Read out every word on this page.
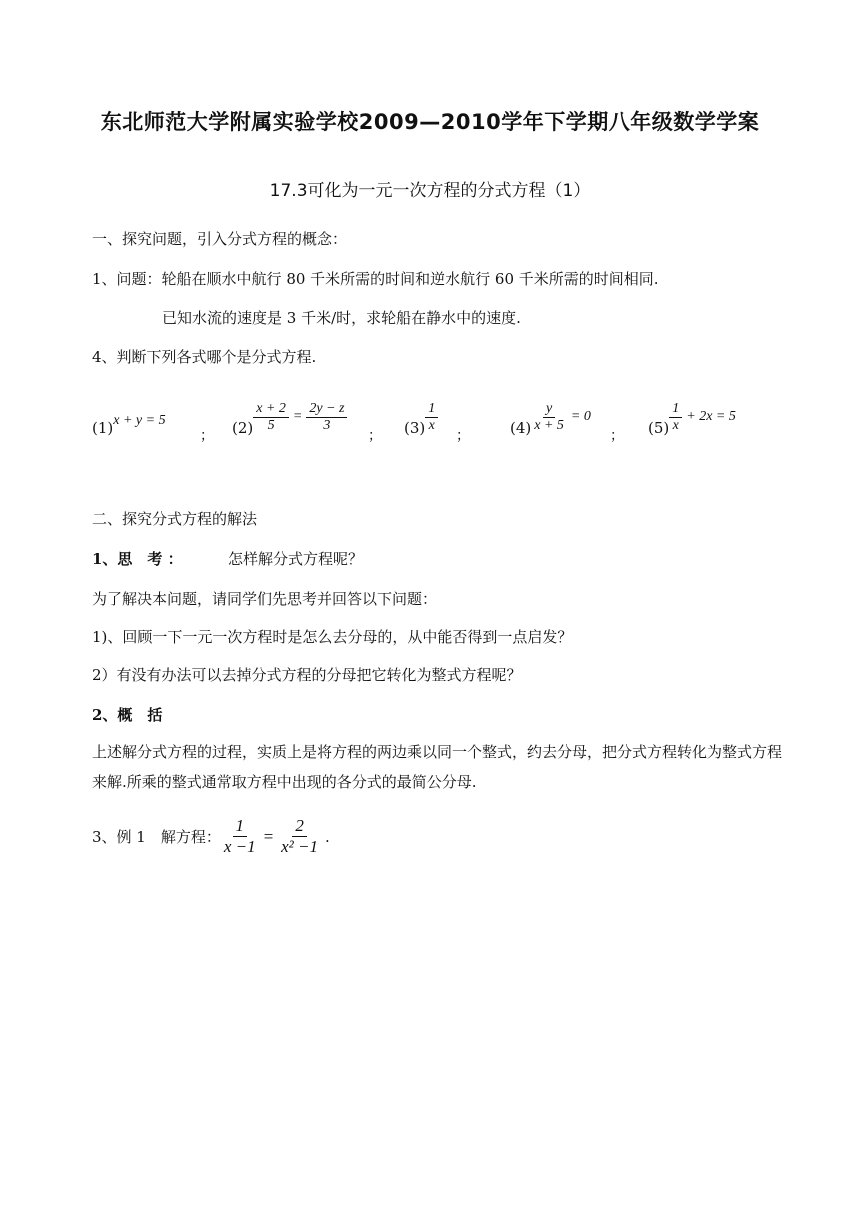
东北师范大学附属实验学校2009—2010学年下学期八年级数学学案
17.3可化为一元一次方程的分式方程（1）
一、探究问题，引入分式方程的概念：
1、问题：轮船在顺水中航行 80 千米所需的时间和逆水航行 60 千米所需的时间相同.
已知水流的速度是 3 千米/时，求轮船在静水中的速度.
4、判断下列各式哪个是分式方程.
(1) x + y = 5
； $(2) \frac{x + 2}{5} = \frac{2y - z}{3}$
； $(3) \frac{1}{x}$
；	$(4) \frac{y}{x + 5} = 0$
； $(5) \frac{1}{x} + 2x = 5$
二、探究分式方程的解法
1、思　考 ：	怎样解分式方程呢？
为了解决本问题，请同学们先思考并回答以下问题：
1)、回顾一下一元一次方程时是怎么去分母的，从中能否得到一点启发？
2）有没有办法可以去掉分式方程的分母把它转化为整式方程呢？
2、概　括
上述解分式方程的过程，实质上是将方程的两边乘以同一个整式，约去分母，把分式方程转化为整式方程来解.所乘的整式通常取方程中出现的各分式的最简公分母.
3、例 1　解方程： $\frac{1}{x -1} = \frac{2}{\text{x² −1}}$ .
